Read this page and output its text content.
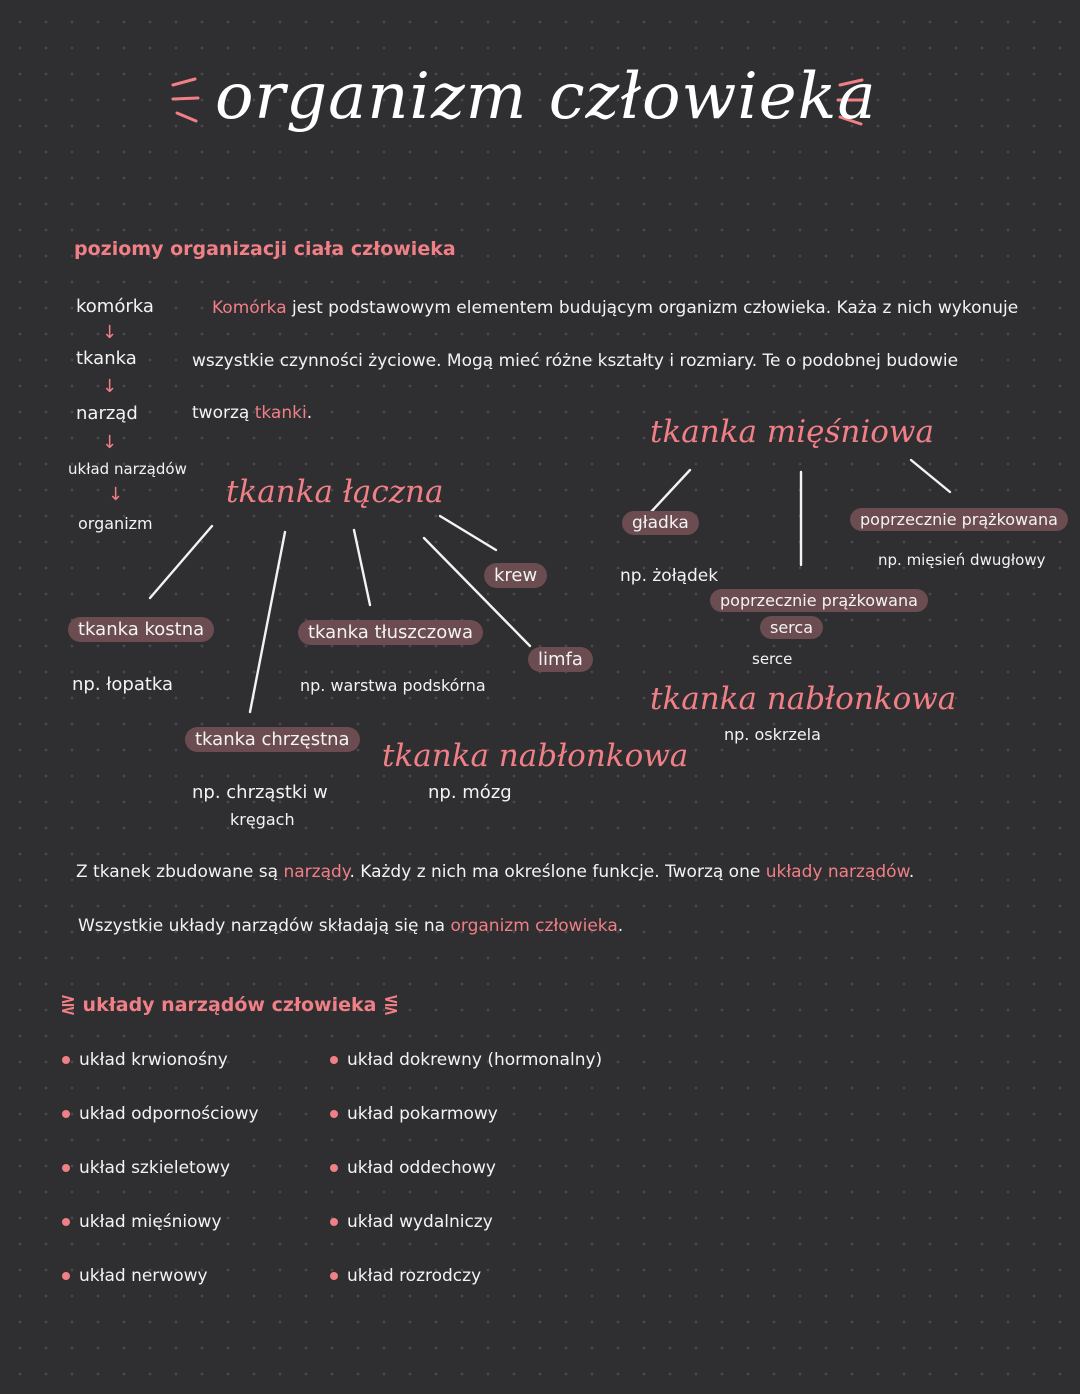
organizm człowieka
poziomy organizacji ciała człowieka
komórka
↓
tkanka
↓
narząd
↓
układ narządów
↓
organizm
Komórka jest podstawowym elementem budującym organizm człowieka. Każa z nich wykonuje
wszystkie czynności życiowe. Mogą mieć różne kształty i rozmiary. Te o podobnej budowie
tworzą tkanki.
tkanka łączna
krew
tkanka kostna
np. łopatka
tkanka tłuszczowa
np. warstwa podskórna
limfa
tkanka chrzęstna
np. chrząstki w
kręgach
tkanka nabłonkowa
np. mózg
tkanka mięśniowa
gładka
np. żołądek
poprzecznie prążkowana
np. mięsień dwugłowy
poprzecznie prążkowana
serca
serce
tkanka nabłonkowa
np. oskrzela
Z tkanek zbudowane są narządy. Każdy z nich ma określone funkcje. Tworzą one układy narządów.
Wszystkie układy narządów składają się na organizm człowieka.
⋛ układy narządów człowieka ⋚
układ krwionośny
układ odpornościowy
układ szkieletowy
układ mięśniowy
układ nerwowy
układ dokrewny (hormonalny)
układ pokarmowy
układ oddechowy
układ wydalniczy
układ rozrodczy
